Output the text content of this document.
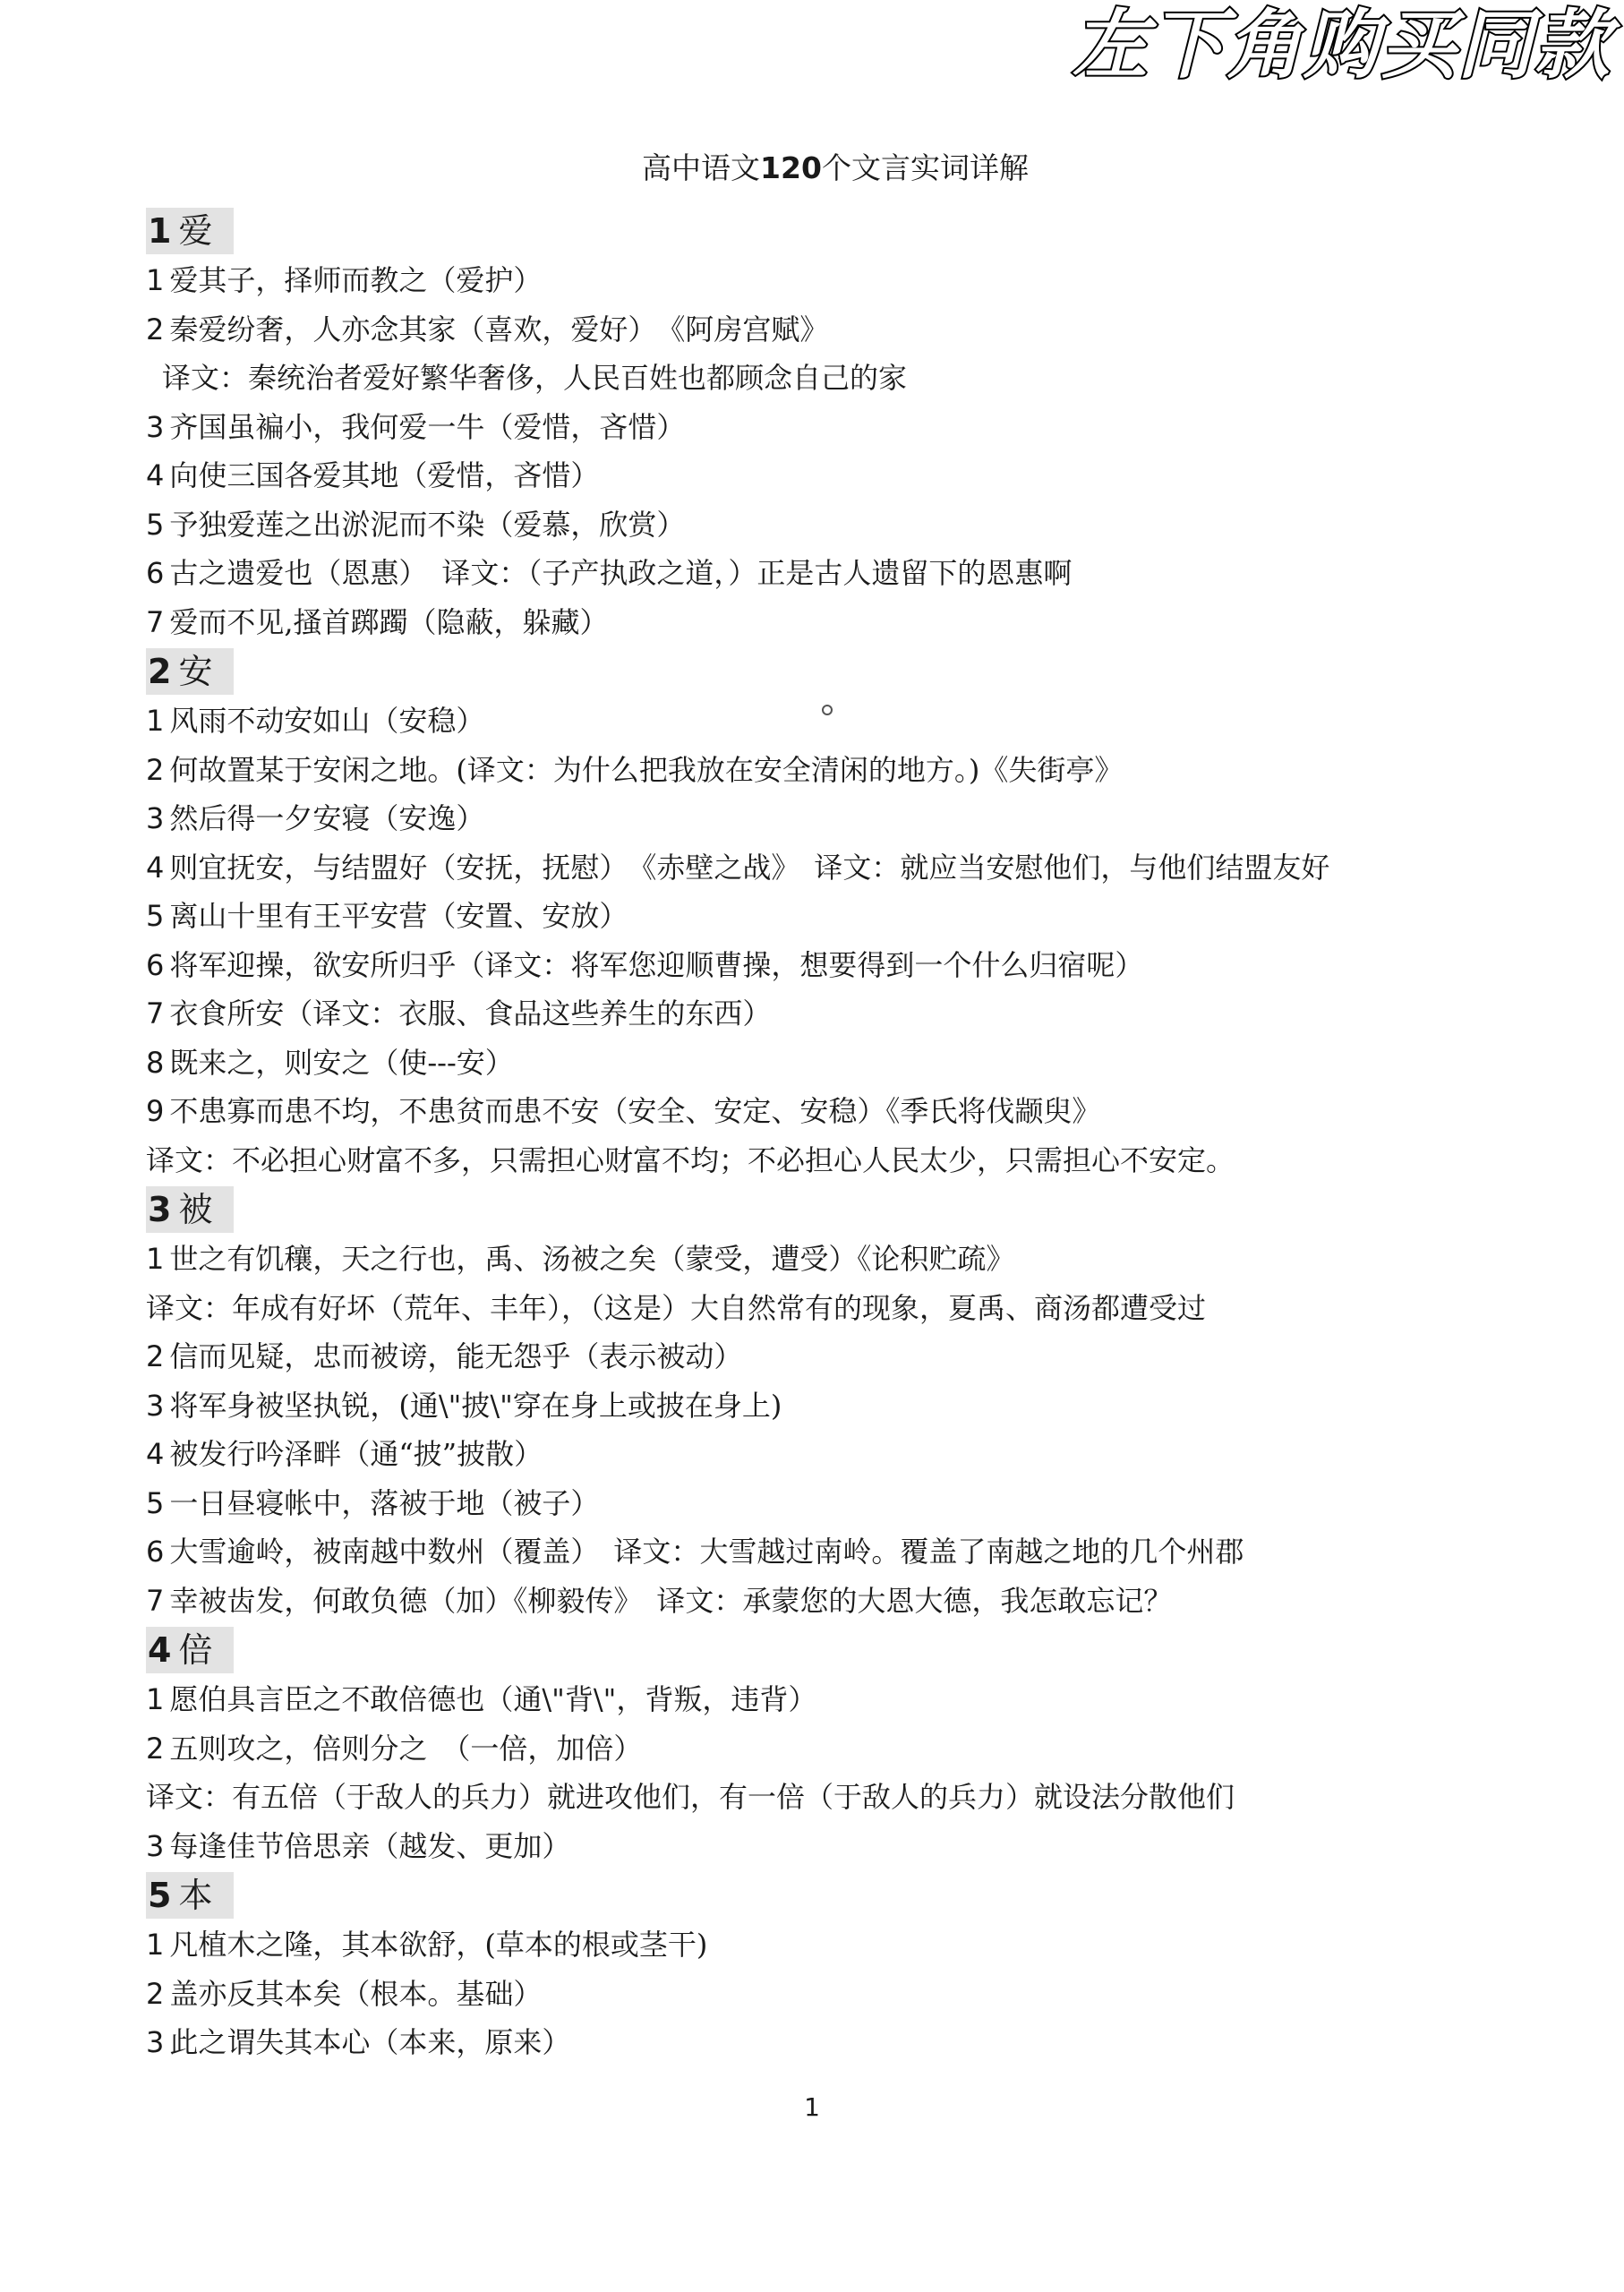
左下角购买同款
高中语文120个文言实词详解
1 爱
1 爱其子，择师而教之（爱护）
2 秦爱纷奢，人亦念其家（喜欢，爱好）　《阿房宫赋》
译文：秦统治者爱好繁华奢侈，人民百姓也都顾念自己的家
3 齐国虽褊小，我何爱一牛（爱惜，吝惜）
4 向使三国各爱其地（爱惜，吝惜）
5 予独爱莲之出淤泥而不染（爱慕，欣赏）
6 古之遗爱也（恩惠）　译文：（子产执政之道，）正是古人遗留下的恩惠啊
7 爱而不见,搔首踯躅（隐蔽，躲藏）
2 安
1 风雨不动安如山（安稳）
2 何故置某于安闲之地。(译文：为什么把我放在安全清闲的地方。)《失街亭》
3 然后得一夕安寝（安逸）
4 则宜抚安，与结盟好（安抚，抚慰）　《赤壁之战》　译文：就应当安慰他们，与他们结盟友好
5 离山十里有王平安营（安置、安放）
6 将军迎操，欲安所归乎（译文：将军您迎顺曹操，想要得到一个什么归宿呢）
7 衣食所安（译文：衣服、食品这些养生的东西）
8 既来之，则安之（使---安）
9 不患寡而患不均，不患贫而患不安（安全、安定、安稳）《季氏将伐颛臾》
译文：不必担心财富不多，只需担心财富不均；不必担心人民太少，只需担心不安定。
3 被
1 世之有饥穰，天之行也，禹、汤被之矣（蒙受，遭受）《论积贮疏》
译文：年成有好坏（荒年、丰年），（这是）大自然常有的现象，夏禹、商汤都遭受过
2 信而见疑，忠而被谤，能无怨乎（表示被动）
3 将军身被坚执锐，(通\"披\"穿在身上或披在身上)
4 被发行吟泽畔（通“披”披散）
5 一日昼寝帐中，落被于地（被子）
6 大雪逾岭，被南越中数州（覆盖）　译文：大雪越过南岭。覆盖了南越之地的几个州郡
7 幸被齿发，何敢负德（加）《柳毅传》　译文：承蒙您的大恩大德，我怎敢忘记？
4 倍
1 愿伯具言臣之不敢倍德也（通\"背\"，背叛，违背）
2 五则攻之，倍则分之　（一倍，加倍）
译文：有五倍（于敌人的兵力）就进攻他们，有一倍（于敌人的兵力）就设法分散他们
3 每逢佳节倍思亲（越发、更加）
5 本
1 凡植木之隆，其本欲舒，(草本的根或茎干)
2 盖亦反其本矣（根本。基础）
3 此之谓失其本心（本来，原来）
1
